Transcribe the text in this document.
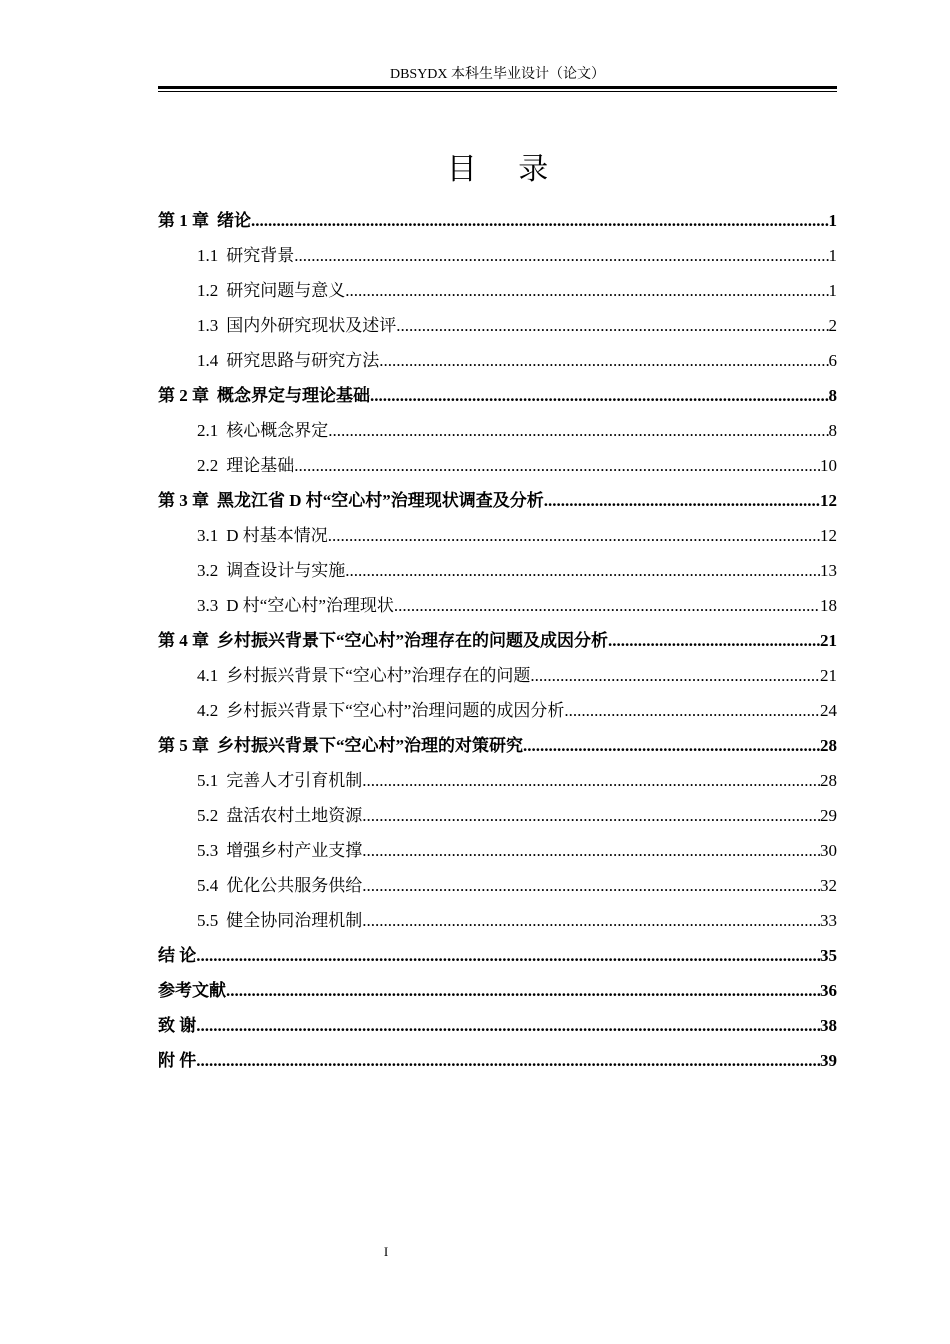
DBSYDX 本科生毕业设计（论文）
目 录
第 1 章 绪论 .....	1
1.1 研究背景 .....	1
1.2 研究问题与意义 .....	1
1.3 国内外研究现状及述评 .....	2
1.4 研究思路与研究方法 .....	6
第 2 章 概念界定与理论基础 .....	8
2.1 核心概念界定 .....	8
2.2 理论基础 .....	10
第 3 章 黑龙江省 D 村“空心村”治理现状调查及分析 .....	12
3.1 D 村基本情况 .....	12
3.2 调查设计与实施 .....	13
3.3 D 村“空心村”治理现状 .....	18
第 4 章 乡村振兴背景下“空心村”治理存在的问题及成因分析 .....	21
4.1 乡村振兴背景下“空心村”治理存在的问题 .....	21
4.2 乡村振兴背景下“空心村”治理问题的成因分析 .....	24
第 5 章 乡村振兴背景下“空心村”治理的对策研究 .....	28
5.1 完善人才引育机制 .....	28
5.2 盘活农村土地资源 .....	29
5.3 增强乡村产业支撑 .....	30
5.4 优化公共服务供给 .....	32
5.5 健全协同治理机制 .....	33
结 论 .....	35
参考文献 .....	36
致 谢 .....	38
附 件 .....	39
I
